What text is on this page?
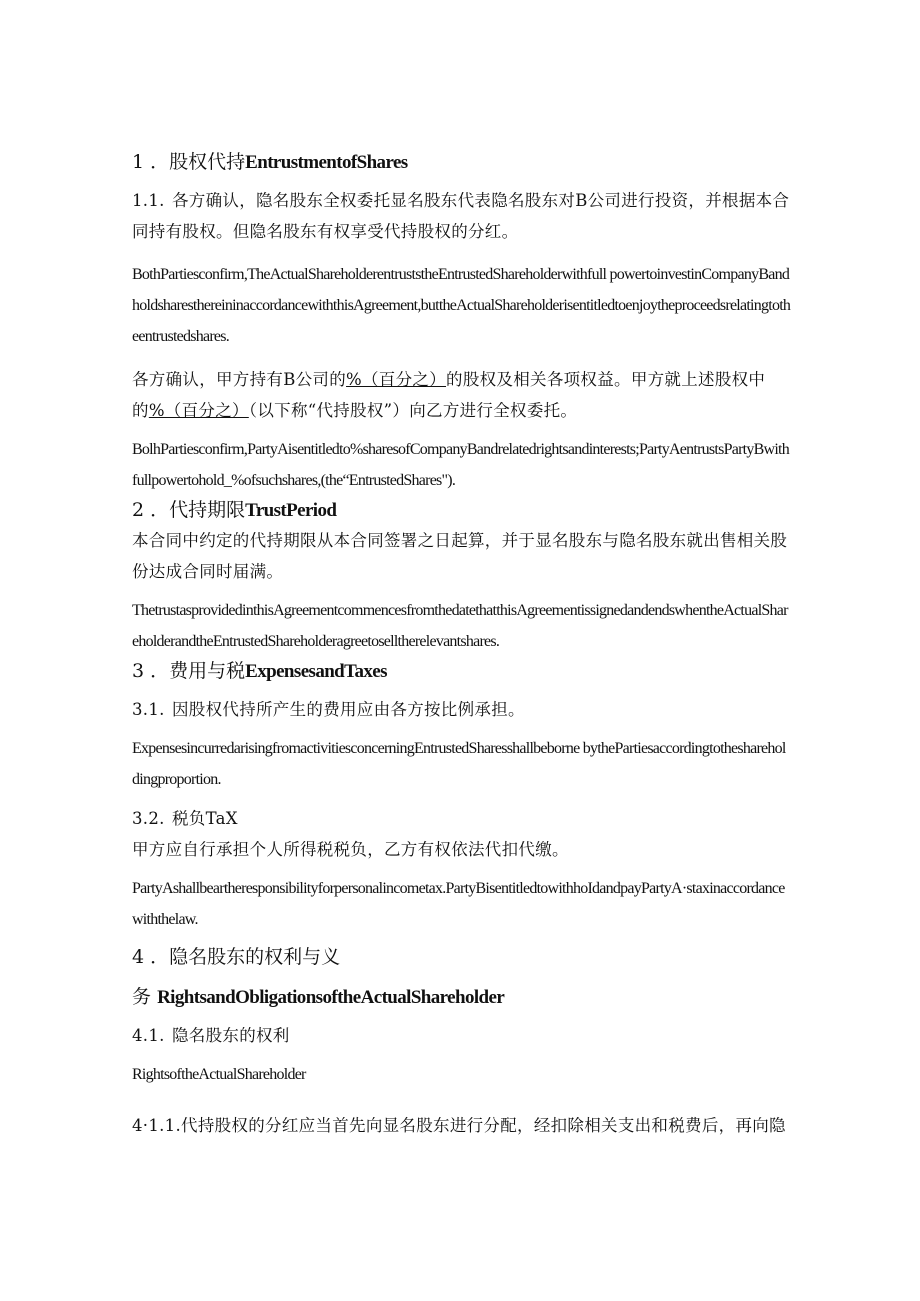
1 ．股权代持EntrustmentofShares

1.1. 各方确认，隐名股东全权委托显名股东代表隐名股东对B公司进行投资，并根据本合同持有股权。但隐名股东有权享受代持股权的分红。

BothPartiesconfirm,TheActualShareholderentruststheEntrustedShareholderwithfull powertoinvestinCompanyBandholdsharesthereininaccordancewiththisAgreement,buttheActualShareholderisentitledtoenjoytheproceedsrelatingtotheentrustedshares.

各方确认，甲方持有B公司的%（百分之）的股权及相关各项权益。甲方就上述股权中的%（百分之）（以下称“代持股权”）向乙方进行全权委托。

BolhPartiesconfirm,PartyAisentitledto%sharesofCompanyBandrelatedrightsandinterests;PartyAentrustsPartyBwithfullpowertohold_%ofsuchshares,(the“EntrustedShares").

2 ．代持期限TrustPeriod

本合同中约定的代持期限从本合同签署之日起算，并于显名股东与隐名股东就出售相关股份达成合同时届满。

ThetrustasprovidedinthisAgreementcommencesfromthedatethatthisAgreementissignedandendswhentheActualShareholderandtheEntrustedShareholderagreetoselltherelevantshares.

3 ．费用与税ExpensesandTaxes

3.1. 因股权代持所产生的费用应由各方按比例承担。

ExpensesincurredarisingfromactivitiesconcerningEntrustedSharesshallbeborne bythePartiesaccordingtotheshareholdingproportion.

3.2. 税负TaX

甲方应自行承担个人所得税税负，乙方有权依法代扣代缴。

PartyAshallbeartheresponsibilityforpersonalincometax.PartyBisentitledtowithhoIdandpayPartyA·staxinaccordancewiththelaw.

4 ．隐名股东的权利与义

务 RightsandObligationsoftheActualShareholder

4.1. 隐名股东的权利

RightsoftheActualShareholder

4·1.1.代持股权的分红应当首先向显名股东进行分配，经扣除相关支出和税费后，再向隐
